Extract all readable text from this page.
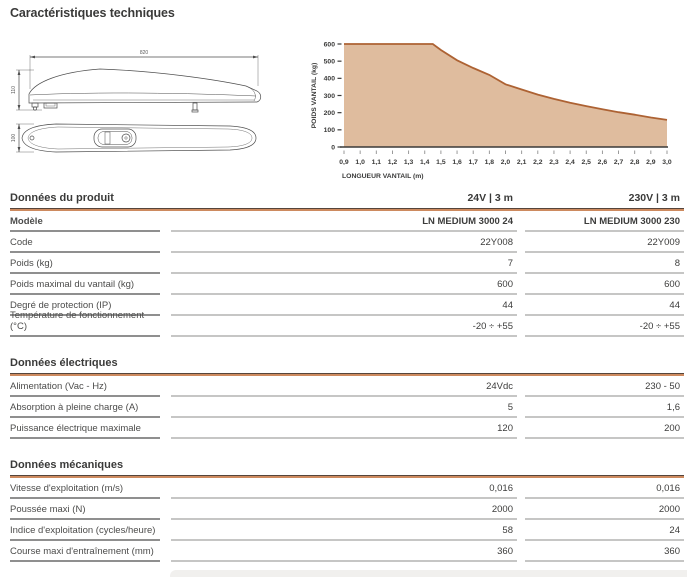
Caractéristiques techniques
820
110
100
0
100
200
300
400
500
600
0,9 1,0 1,1 1,2 1,3 1,4 1,5 1,6 1,7 1,8 2,0 2,1 2,2 2,3 2,4 2,5 2,6 2,7 2,8 2,9 3,0
LONGUEUR VANTAIL (m)
POIDS VANTAIL (kg)
Données du produit	24V | 3 m	230V | 3 m
Modèle	LN MEDIUM 3000 24	LN MEDIUM 3000 230
Code	22Y008	22Y009
Poids (kg)	7	8
Poids maximal du vantail (kg)	600	600
Degré de protection (IP)	44	44
Température de fonctionnement (°C)	-20 ÷ +55	-20 ÷ +55
Données électriques
Alimentation (Vac - Hz)	24Vdc	230 - 50
Absorption à pleine charge (A)	5	1,6
Puissance électrique maximale	120	200
Données mécaniques
Vitesse d'exploitation (m/s)	0,016	0,016
Poussée maxi (N)	2000	2000
Indice d'exploitation (cycles/heure)	58	24
Course maxi d'entraînement (mm)	360	360
